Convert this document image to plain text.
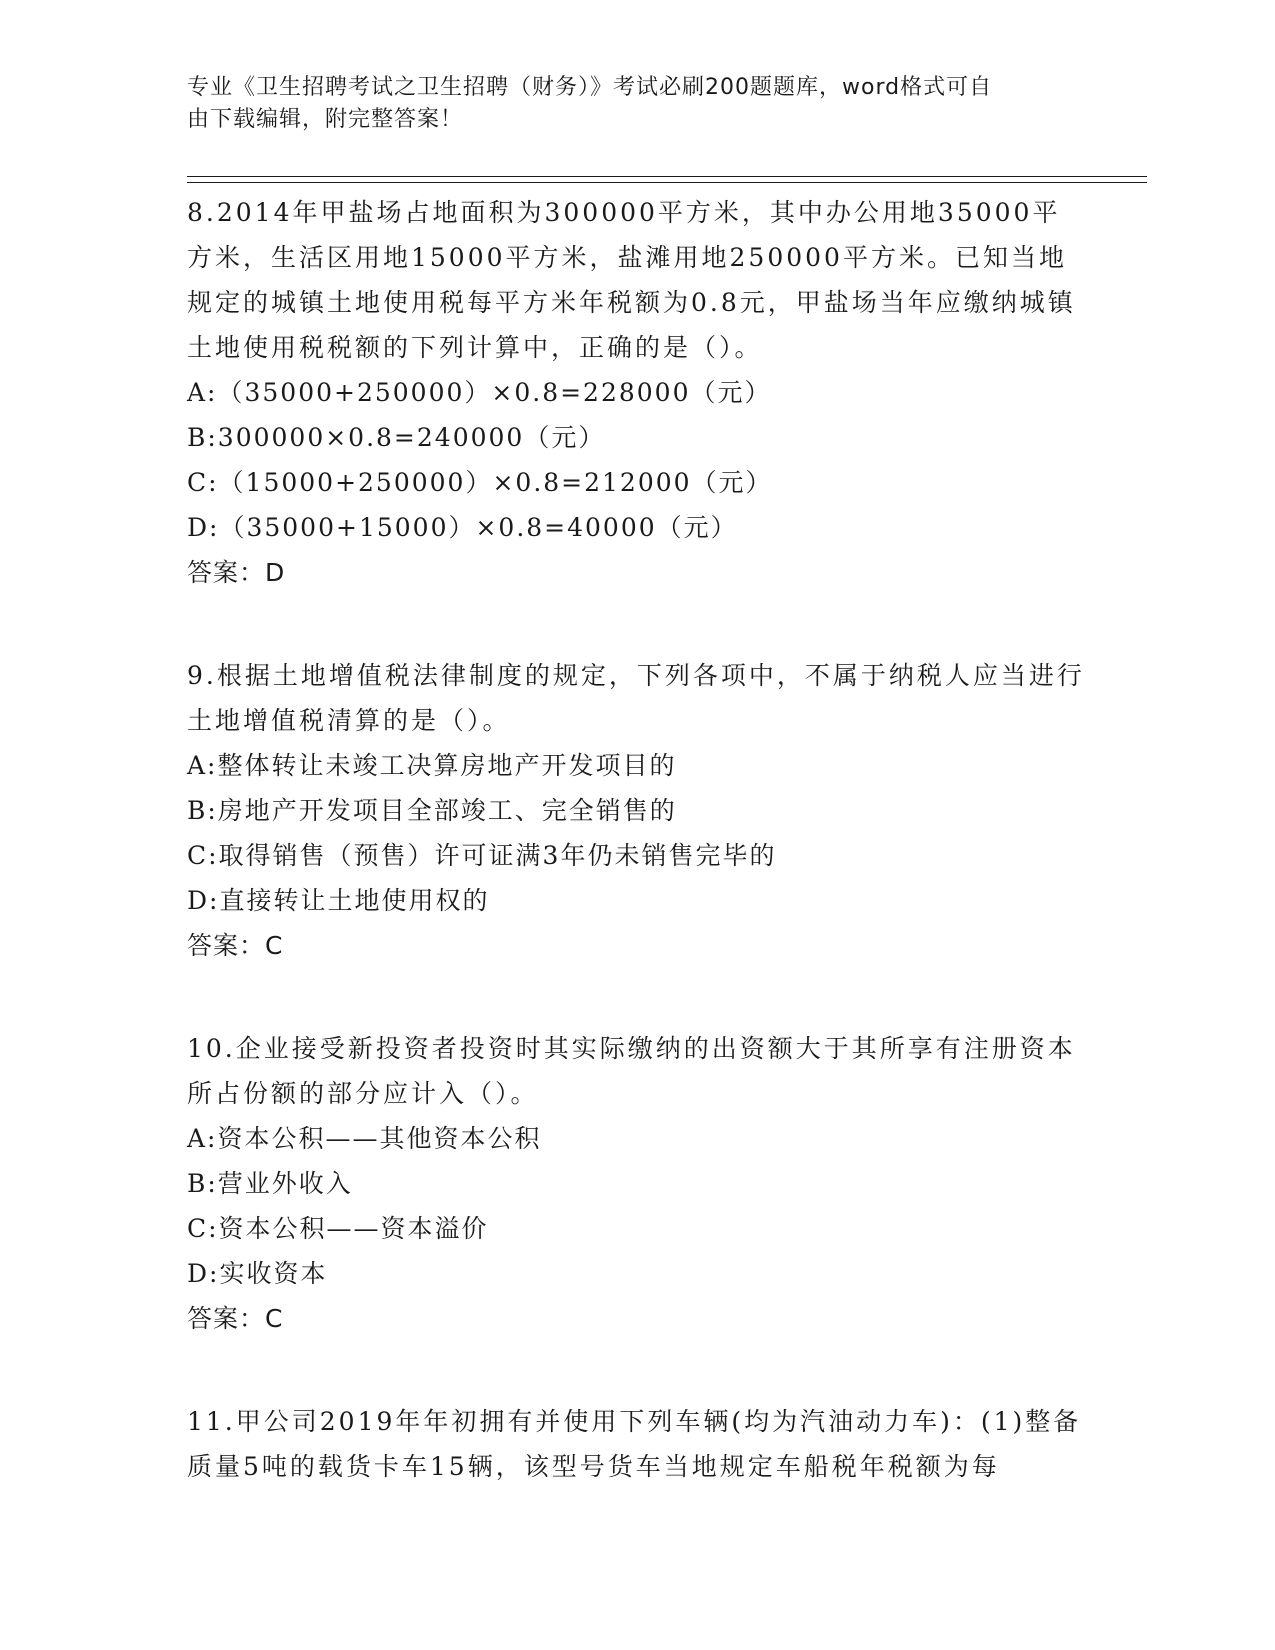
专业《卫生招聘考试之卫生招聘（财务）》考试必刷200题题库，word格式可自
由下载编辑，附完整答案！

8.2014年甲盐场占地面积为300000平方米，其中办公用地35000平方米，生活区用地15000平方米，盐滩用地250000平方米。已知当地规定的城镇土地使用税每平方米年税额为0.8元，甲盐场当年应缴纳城镇土地使用税税额的下列计算中，正确的是（）。

A:（35000+250000）×0.8=228000（元）

B:300000×0.8=240000（元）

C:（15000+250000）×0.8=212000（元）

D:（35000+15000）×0.8=40000（元）

答案：D

9.根据土地增值税法律制度的规定，下列各项中，不属于纳税人应当进行土地增值税清算的是（）。

A:整体转让未竣工决算房地产开发项目的

B:房地产开发项目全部竣工、完全销售的

C:取得销售（预售）许可证满3年仍未销售完毕的

D:直接转让土地使用权的

答案：C

10.企业接受新投资者投资时其实际缴纳的出资额大于其所享有注册资本所占份额的部分应计入（）。

A:资本公积——其他资本公积

B:营业外收入

C:资本公积——资本溢价

D:实收资本

答案：C

11.甲公司2019年年初拥有并使用下列车辆(均为汽油动力车)：(1)整备质量5吨的载货卡车15辆，该型号货车当地规定车船税年税额为每
